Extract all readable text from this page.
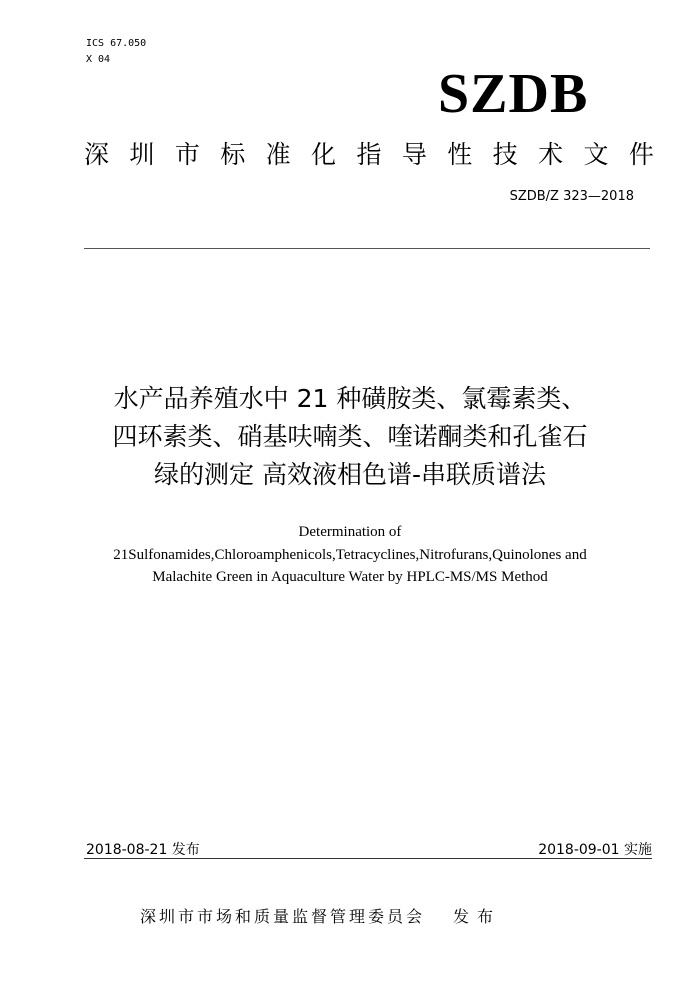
ICS 67.050
X 04
SZDB
深 圳 市 标 准 化 指 导 性 技 术 文 件
SZDB/Z 323—2018
水产品养殖水中 21 种磺胺类、氯霉素类、
四环素类、硝基呋喃类、喹诺酮类和孔雀石
绿的测定 高效液相色谱-串联质谱法
Determination of
21Sulfonamides,Chloroamphenicols,Tetracyclines,Nitrofurans,Quinolones and
Malachite Green in Aquaculture Water by HPLC-MS/MS Method
2018-08-21 发布	2018-09-01 实施
深圳市市场和质量监督管理委员会 发布
